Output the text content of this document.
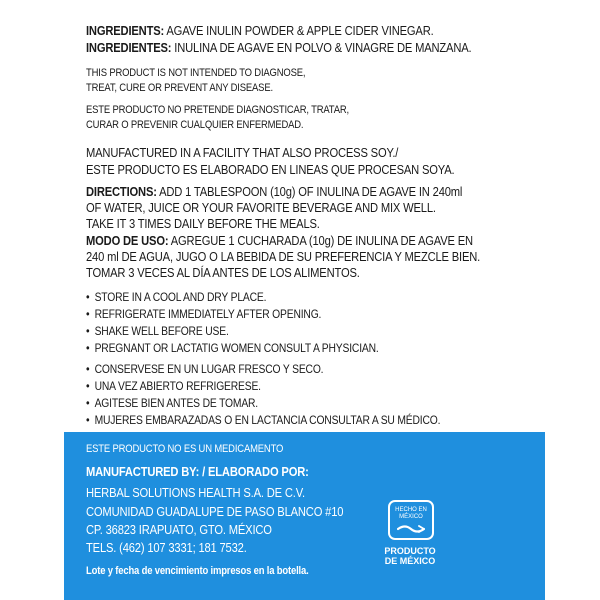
INGREDIENTS: AGAVE INULIN POWDER & APPLE CIDER VINEGAR.
INGREDIENTES: INULINA DE AGAVE EN POLVO & VINAGRE DE MANZANA.
THIS PRODUCT IS NOT INTENDED TO DIAGNOSE,
TREAT, CURE OR PREVENT ANY DISEASE.
ESTE PRODUCTO NO PRETENDE DIAGNOSTICAR, TRATAR,
CURAR O PREVENIR CUALQUIER ENFERMEDAD.
MANUFACTURED IN A FACILITY THAT ALSO PROCESS SOY./
ESTE PRODUCTO ES ELABORADO EN LINEAS QUE PROCESAN SOYA.
DIRECTIONS: ADD 1 TABLESPOON (10g) OF INULINA DE AGAVE IN 240ml
OF WATER, JUICE OR YOUR FAVORITE BEVERAGE AND MIX WELL.
TAKE IT 3 TIMES DAILY BEFORE THE MEALS.
MODO DE USO: AGREGUE 1 CUCHARADA (10g) DE INULINA DE AGAVE EN
240 ml DE AGUA, JUGO O LA BEBIDA DE SU PREFERENCIA Y MEZCLE BIEN.
TOMAR 3 VECES AL DÍA ANTES DE LOS ALIMENTOS.
• STORE IN A COOL AND DRY PLACE.
• REFRIGERATE IMMEDIATELY AFTER OPENING.
• SHAKE WELL BEFORE USE.
• PREGNANT OR LACTATIG WOMEN CONSULT A PHYSICIAN.
• CONSERVESE EN UN LUGAR FRESCO Y SECO.
• UNA VEZ ABIERTO REFRIGERESE.
• AGITESE BIEN ANTES DE TOMAR.
• MUJERES EMBARAZADAS O EN LACTANCIA CONSULTAR A SU MÉDICO.
ESTE PRODUCTO NO ES UN MEDICAMENTO
MANUFACTURED BY: / ELABORADO POR:
HERBAL SOLUTIONS HEALTH S.A. DE C.V.
COMUNIDAD GUADALUPE DE PASO BLANCO #10
CP. 36823 IRAPUATO, GTO. MÉXICO
TELS. (462) 107 3331; 181 7532.
Lote y fecha de vencimiento impresos en la botella.
HECHO EN
MÉXICO
PRODUCTO
DE MÉXICO
